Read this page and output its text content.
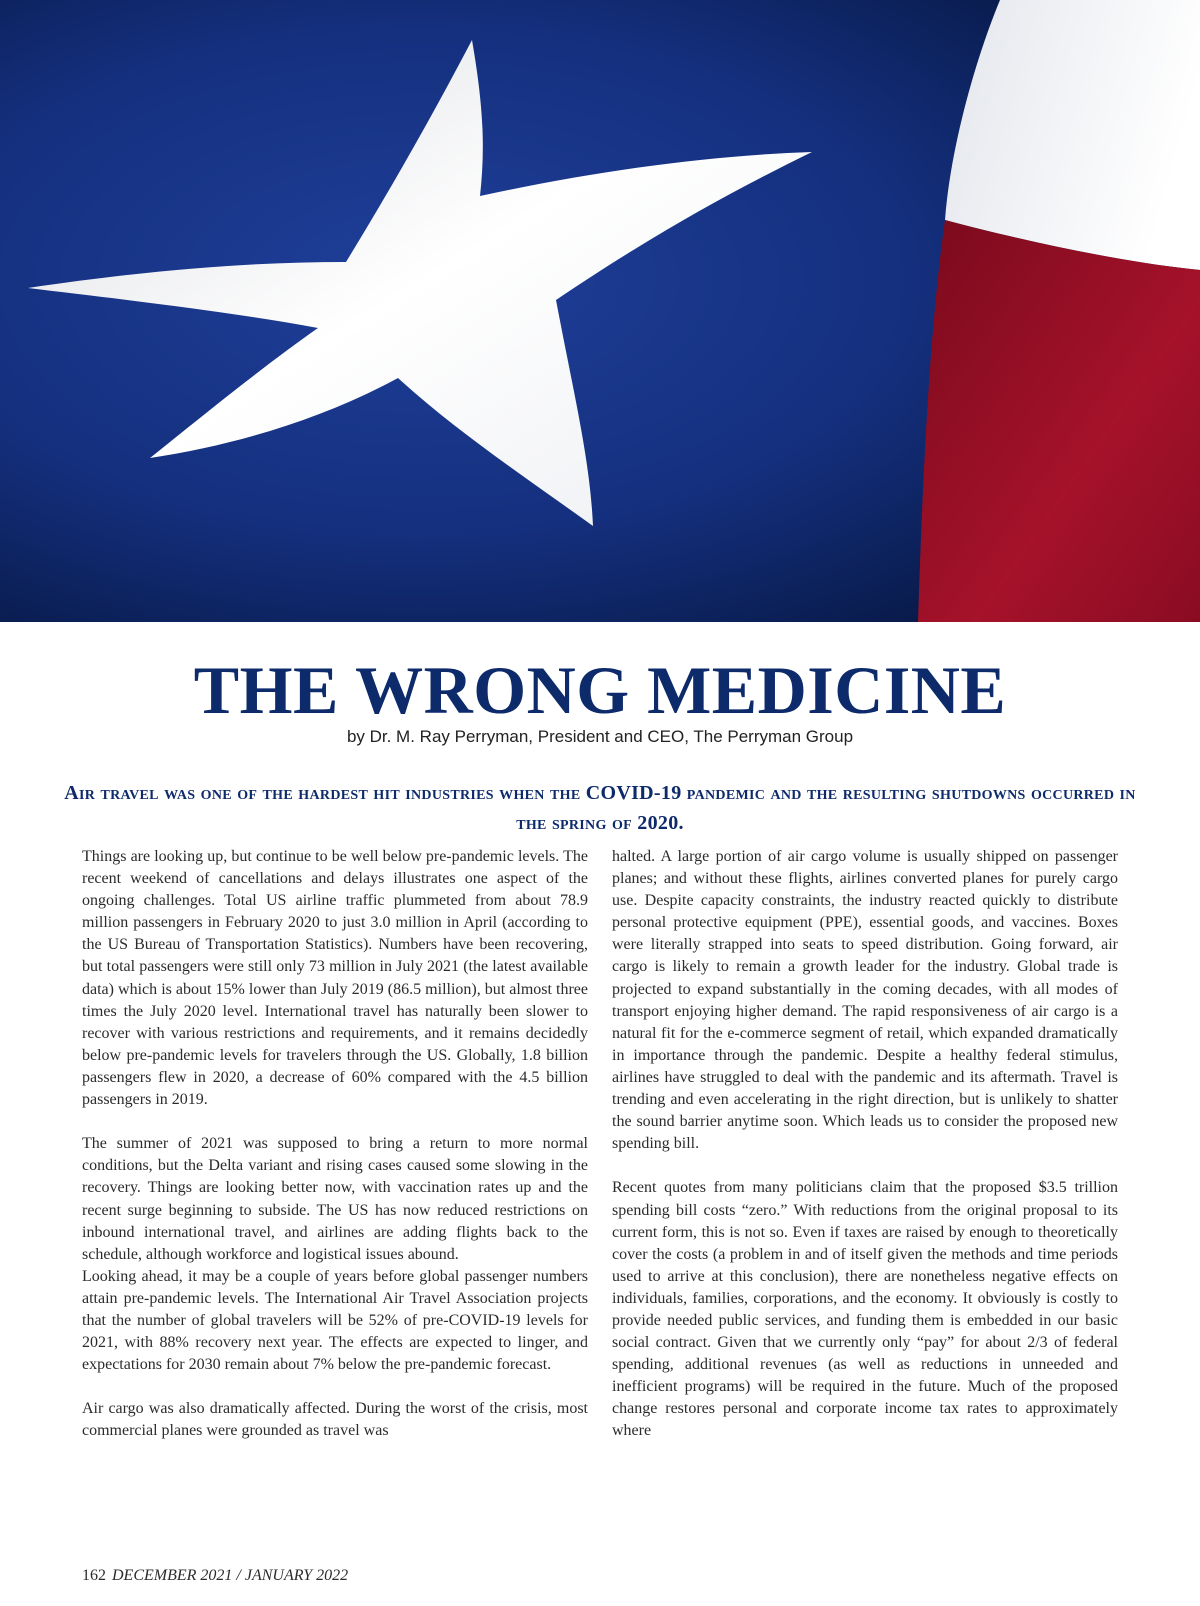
THE WRONG MEDICINE
by Dr. M. Ray Perryman, President and CEO, The Perryman Group
Air travel was one of the hardest hit industries when the COVID-19 pandemic and the resulting shutdowns occurred in the spring of 2020.

Things are looking up, but continue to be well below pre-pandemic levels. The recent weekend of cancellations and delays illustrates one aspect of the ongoing challenges. Total US airline traffic plummeted from about 78.9 million passengers in February 2020 to just 3.0 million in April (according to the US Bureau of Transportation Statistics). Numbers have been recovering, but total passengers were still only 73 million in July 2021 (the latest available data) which is about 15% lower than July 2019 (86.5 million), but almost three times the July 2020 level. International travel has naturally been slower to recover with various restrictions and requirements, and it remains decidedly below pre-pandemic levels for travelers through the US. Globally, 1.8 billion passengers flew in 2020, a decrease of 60% compared with the 4.5 billion passengers in 2019.

The summer of 2021 was supposed to bring a return to more normal conditions, but the Delta variant and rising cases caused some slowing in the recovery. Things are looking better now, with vaccination rates up and the recent surge beginning to subside. The US has now reduced restrictions on inbound international travel, and airlines are adding flights back to the schedule, although workforce and logistical issues abound.

Looking ahead, it may be a couple of years before global passenger numbers attain pre-pandemic levels. The International Air Travel Association projects that the number of global travelers will be 52% of pre-COVID-19 levels for 2021, with 88% recovery next year. The effects are expected to linger, and expectations for 2030 remain about 7% below the pre-pandemic forecast.

Air cargo was also dramatically affected. During the worst of the crisis, most commercial planes were grounded as travel was

halted. A large portion of air cargo volume is usually shipped on passenger planes; and without these flights, airlines converted planes for purely cargo use. Despite capacity constraints, the industry reacted quickly to distribute personal protective equipment (PPE), essential goods, and vaccines. Boxes were literally strapped into seats to speed distribution. Going forward, air cargo is likely to remain a growth leader for the industry. Global trade is projected to expand substantially in the coming decades, with all modes of transport enjoying higher demand. The rapid responsiveness of air cargo is a natural fit for the e-commerce segment of retail, which expanded dramatically in importance through the pandemic. Despite a healthy federal stimulus, airlines have struggled to deal with the pandemic and its aftermath. Travel is trending and even accelerating in the right direction, but is unlikely to shatter the sound barrier anytime soon. Which leads us to consider the proposed new spending bill.

Recent quotes from many politicians claim that the proposed $3.5 trillion spending bill costs “zero.” With reductions from the original proposal to its current form, this is not so. Even if taxes are raised by enough to theoretically cover the costs (a problem in and of itself given the methods and time periods used to arrive at this conclusion), there are nonetheless negative effects on individuals, families, corporations, and the economy. It obviously is costly to provide needed public services, and funding them is embedded in our basic social contract. Given that we currently only “pay” for about 2/3 of federal spending, additional revenues (as well as reductions in unneeded and inefficient programs) will be required in the future. Much of the proposed change restores personal and corporate income tax rates to approximately where

162 DECEMBER 2021 / JANUARY 2022
